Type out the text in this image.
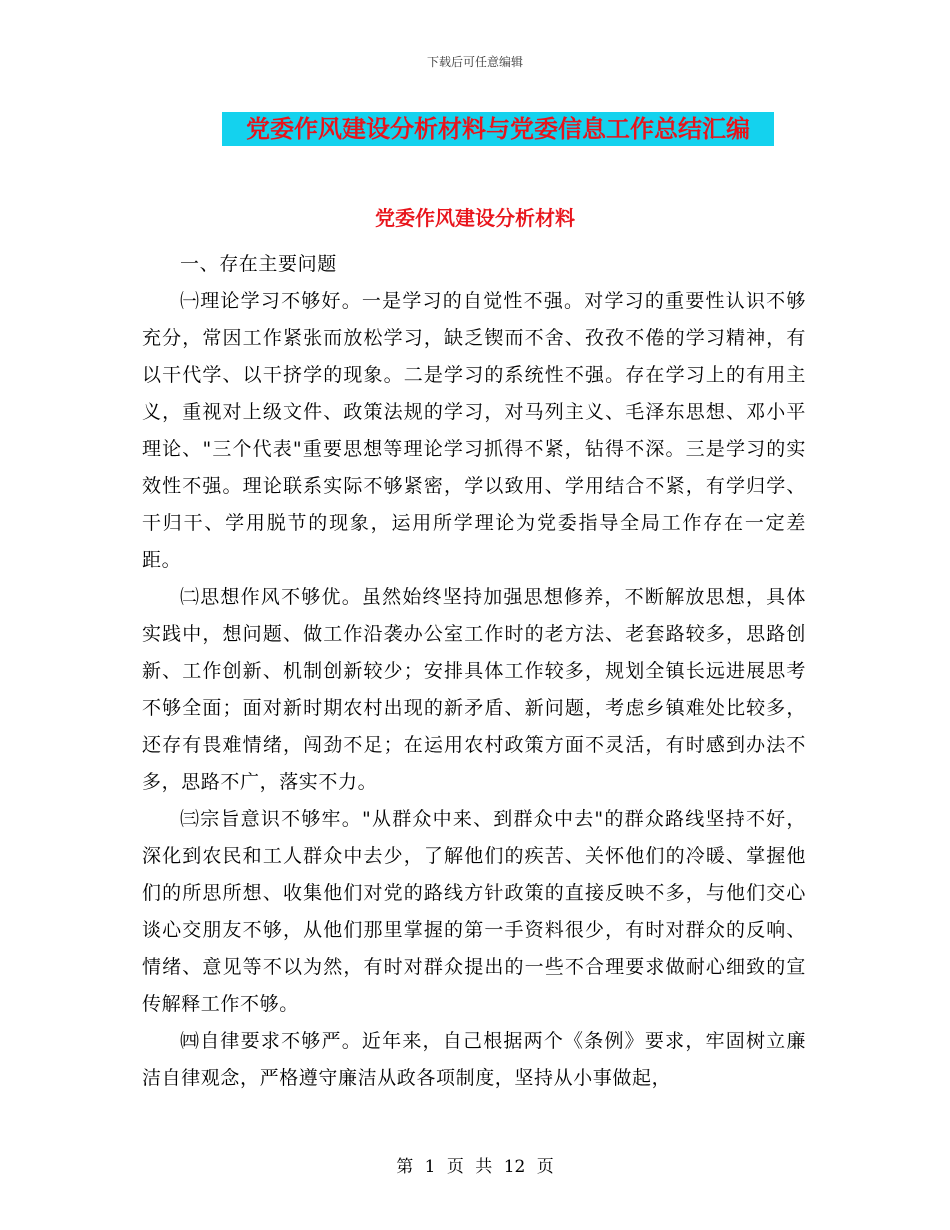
下载后可任意编辑
党委作风建设分析材料与党委信息工作总结汇编
党委作风建设分析材料

一、存在主要问题

㈠理论学习不够好。一是学习的自觉性不强。对学习的重要性认识不够充分，常因工作紧张而放松学习，缺乏锲而不舍、孜孜不倦的学习精神，有以干代学、以干挤学的现象。二是学习的系统性不强。存在学习上的有用主义，重视对上级文件、政策法规的学习，对马列主义、毛泽东思想、邓小平理论、"三个代表"重要思想等理论学习抓得不紧，钻得不深。三是学习的实效性不强。理论联系实际不够紧密，学以致用、学用结合不紧，有学归学、干归干、学用脱节的现象，运用所学理论为党委指导全局工作存在一定差距。

㈡思想作风不够优。虽然始终坚持加强思想修养，不断解放思想，具体实践中，想问题、做工作沿袭办公室工作时的老方法、老套路较多，思路创新、工作创新、机制创新较少；安排具体工作较多，规划全镇长远进展思考不够全面；面对新时期农村出现的新矛盾、新问题，考虑乡镇难处比较多，还存有畏难情绪，闯劲不足；在运用农村政策方面不灵活，有时感到办法不多，思路不广，落实不力。

㈢宗旨意识不够牢。"从群众中来、到群众中去"的群众路线坚持不好，深化到农民和工人群众中去少，了解他们的疾苦、关怀他们的冷暖、掌握他们的所思所想、收集他们对党的路线方针政策的直接反映不多，与他们交心谈心交朋友不够，从他们那里掌握的第一手资料很少，有时对群众的反响、情绪、意见等不以为然，有时对群众提出的一些不合理要求做耐心细致的宣传解释工作不够。

㈣自律要求不够严。近年来，自己根据两个《条例》要求，牢固树立廉洁自律观念，严格遵守廉洁从政各项制度，坚持从小事做起，

第 1 页 共 12 页
